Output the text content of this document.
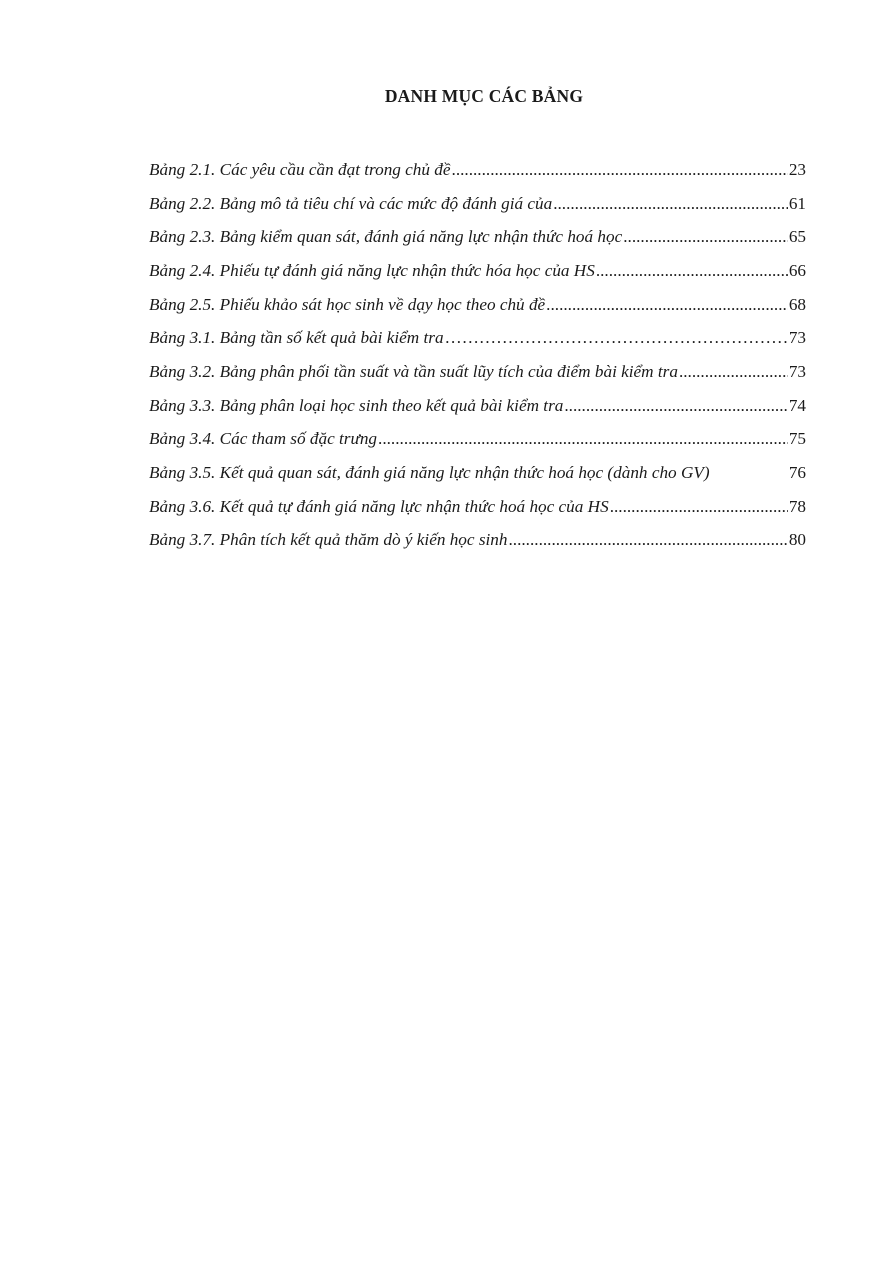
DANH MỤC CÁC BẢNG
Bảng 2.1. Các yêu cầu cần đạt trong chủ đề .....	23
Bảng 2.2. Bảng mô tả tiêu chí và các mức độ đánh giá của .....	61
Bảng 2.3. Bảng kiểm quan sát, đánh giá năng lực nhận thức hoá học .....	65
Bảng 2.4. Phiếu tự đánh giá năng lực nhận thức hóa học của HS .....	66
Bảng 2.5. Phiếu khảo sát học sinh về dạy học theo chủ đề .....	68
Bảng 3.1. Bảng tần số kết quả bài kiểm tra …………………………………………………………………………………………………………………………………………………………………………	73
Bảng 3.2. Bảng phân phối tần suất và tần suất lũy tích của điểm bài kiểm tra .....	73
Bảng 3.3. Bảng phân loại học sinh theo kết quả bài kiểm tra .....	74
Bảng 3.4. Các tham số đặc trưng .....	75
Bảng 3.5. Kết quả quan sát, đánh giá năng lực nhận thức hoá học (dành cho GV)	76
Bảng 3.6. Kết quả tự đánh giá năng lực nhận thức hoá học của HS .....	78
Bảng 3.7. Phân tích kết quả thăm dò ý kiến học sinh .....	80
